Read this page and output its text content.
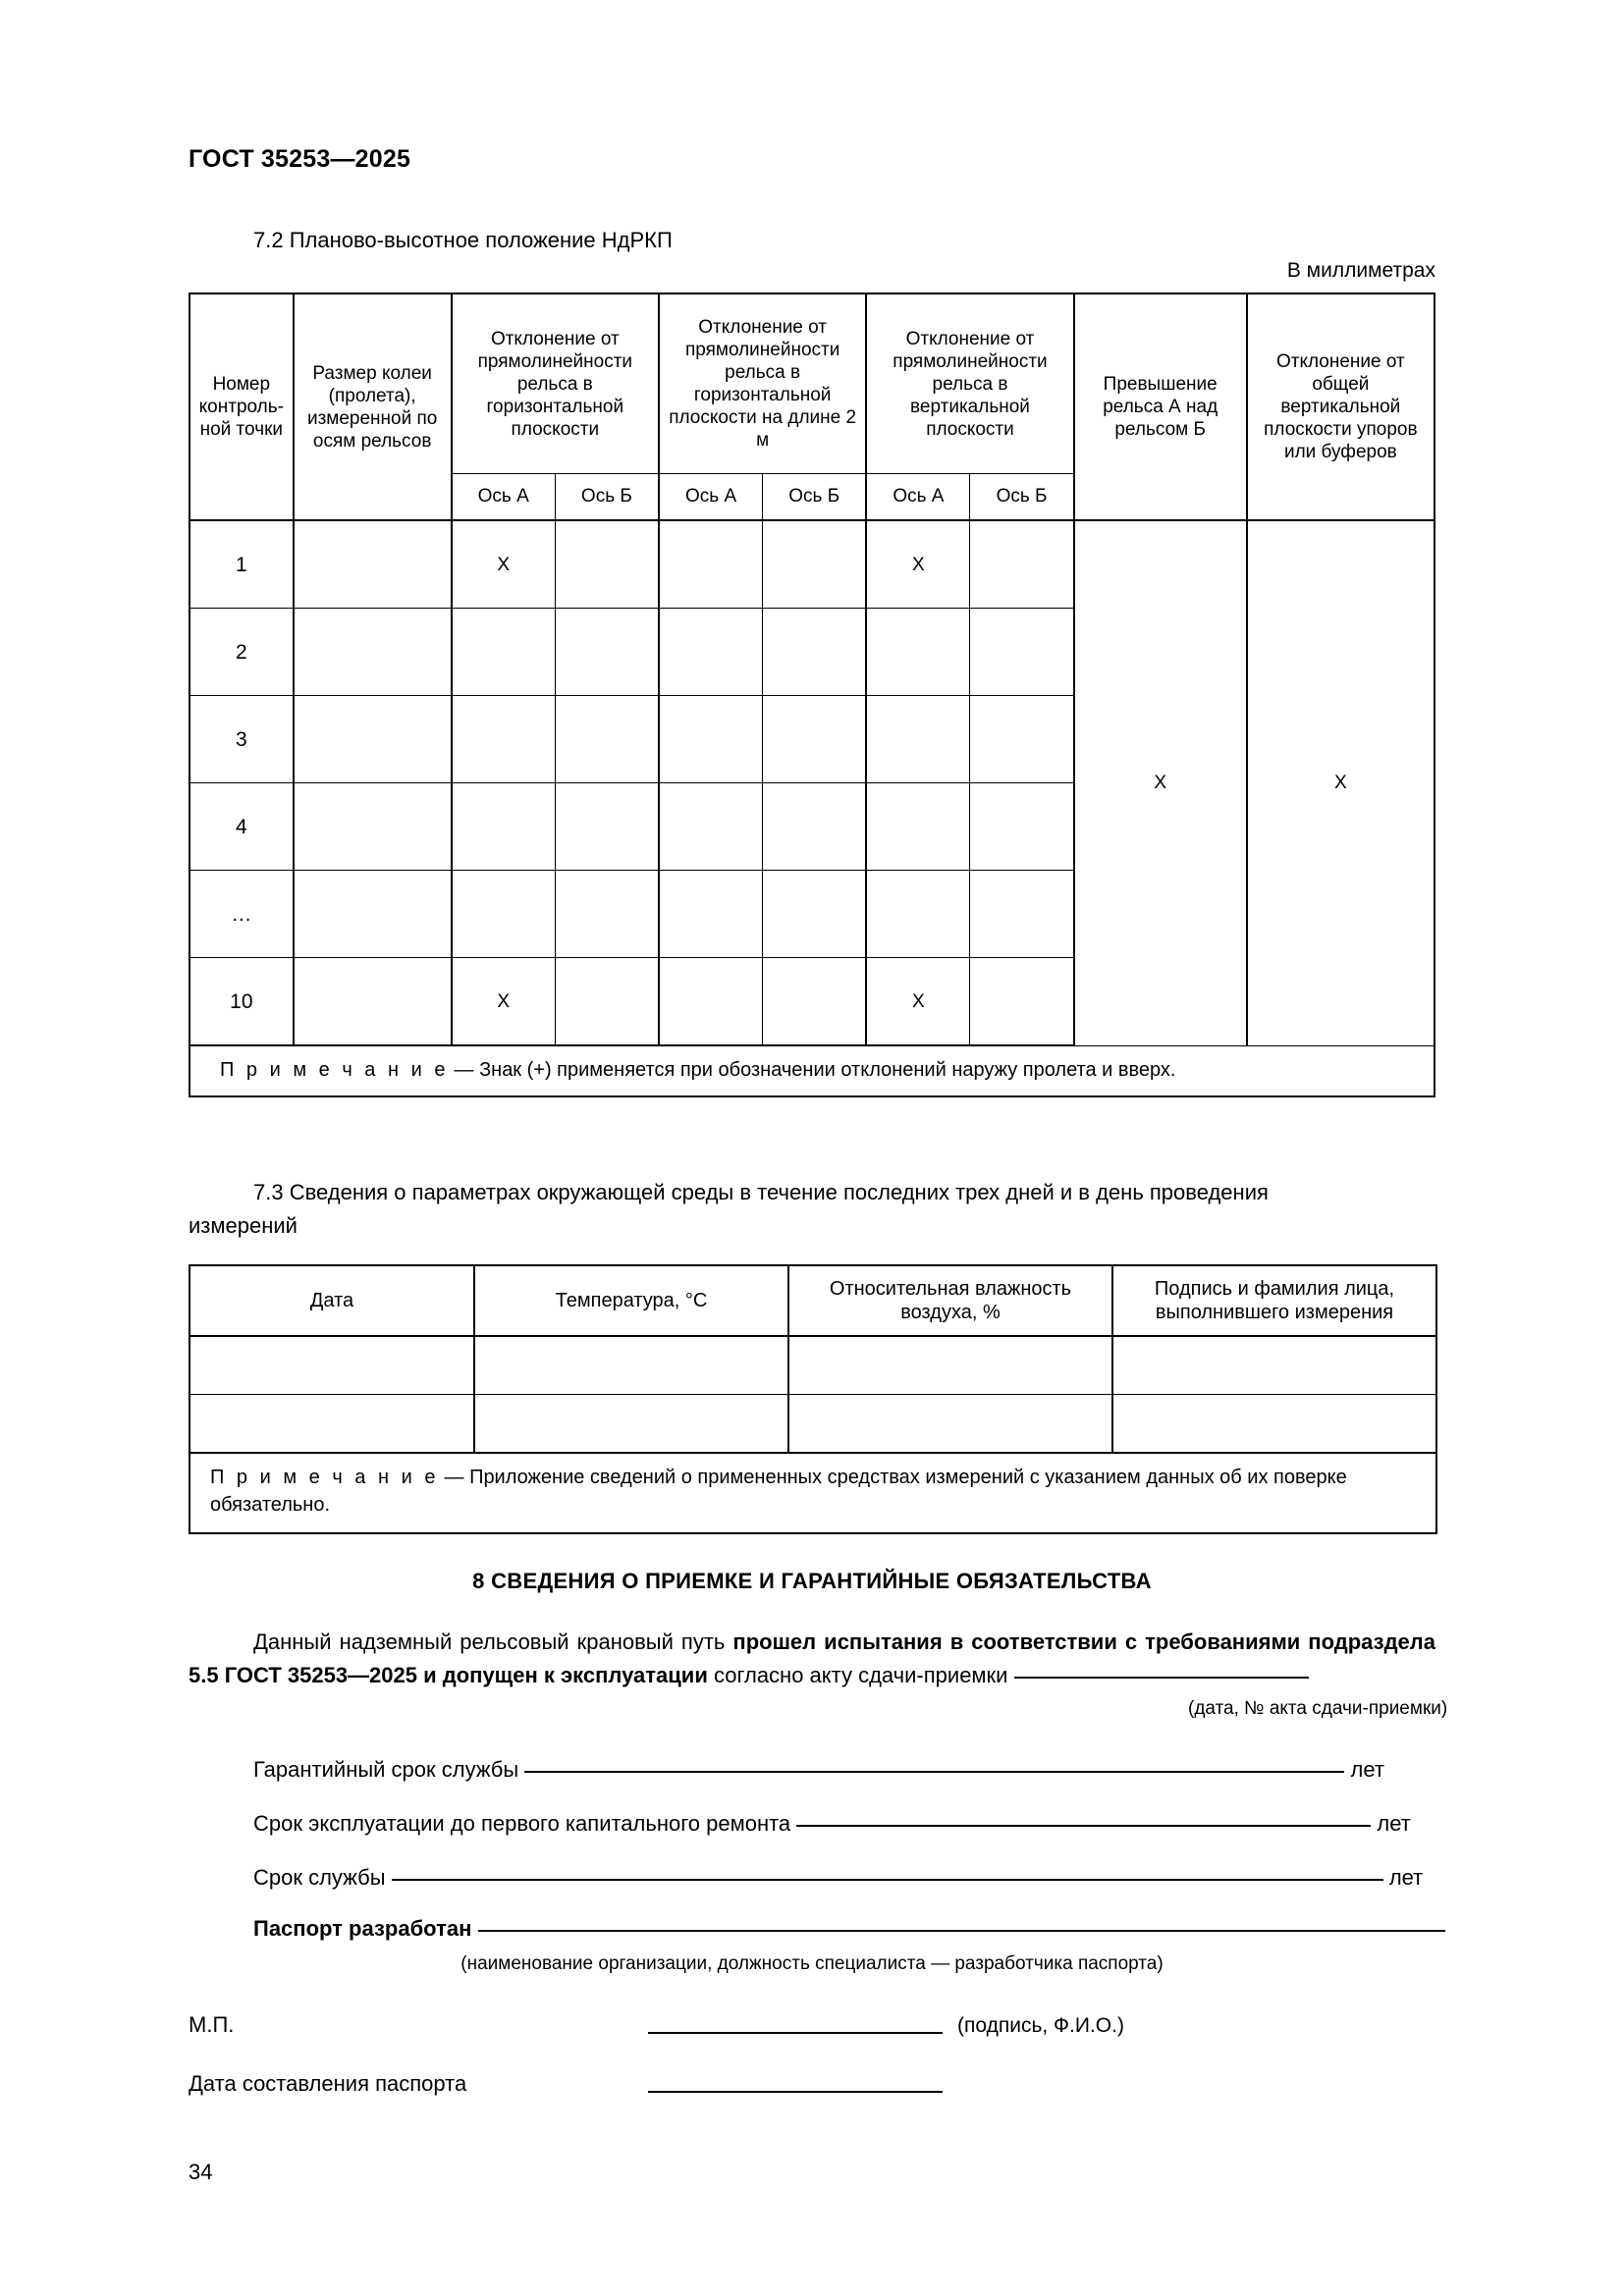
ГОСТ 35253—2025
7.2 Планово-высотное положение НдРКП
В миллиметрах
Номер контрольной точки	Размер колеи (пролета), измеренной по осям рельсов	Отклонение от прямолинейности рельса в горизонтальной плоскости		Отклонение от прямолинейности рельса в горизонтальной плоскости на длине 2 м		Отклонение от прямолинейности рельса в вертикальной плоскости		Превышение рельса А над рельсом Б	Отклонение от общей вертикальной плоскости упоров или буферов
		Ось А	Ось Б	Ось А	Ось Б	Ось А	Ось Б		
1		X				X		X	X
2									
3									
4									
…									
10		X				X			
П р и м е ч а н и е — Знак (+) применяется при обозначении отклонений наружу пролета и вверх.									
7.3 Сведения о параметрах окружающей среды в течение последних трех дней и в день проведения
измерений
Дата	Температура, °С	Относительная влажность воздуха, %	Подпись и фамилия лица, выполнившего измерения

П р и м е ч а н и е — Приложение сведений о примененных средствах измерений с указанием данных об их поверке обязательно.			
8 СВЕДЕНИЯ О ПРИЕМКЕ И ГАРАНТИЙНЫЕ ОБЯЗАТЕЛЬСТВА
Данный надземный рельсовый крановый путь прошел испытания в соответствии с требованиями подраздела 5.5 ГОСТ 35253—2025 и допущен к эксплуатации согласно акту сдачи-приемки
(дата, № акта сдачи-приемки)
Гарантийный срок службы	лет
Срок эксплуатации до первого капитального ремонта	лет
Срок службы	лет
Паспорт разработан
(наименование организации, должность специалиста — разработчика паспорта)
М.П.	(подпись, Ф.И.О.)
Дата составления паспорта
34
